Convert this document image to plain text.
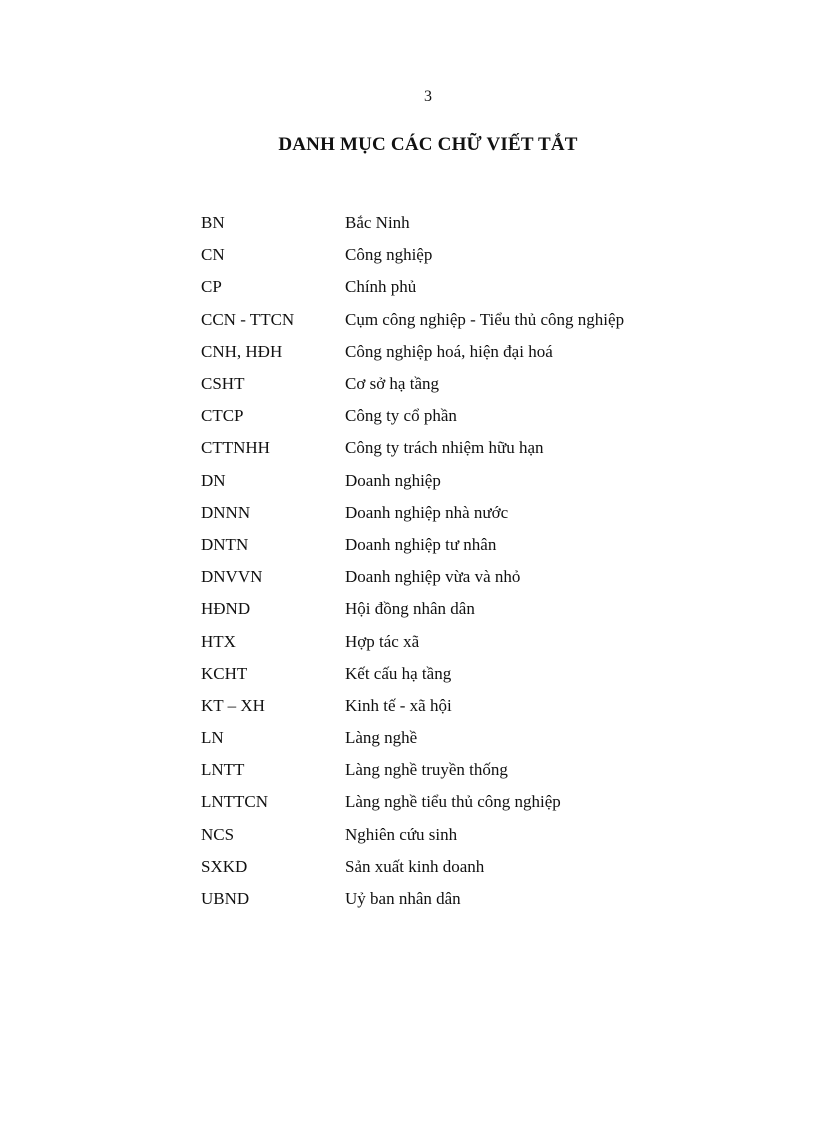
3
DANH MỤC CÁC CHỮ VIẾT TẮT
BN	Bắc Ninh
CN	Công nghiệp
CP	Chính phủ
CCN - TTCN	Cụm công nghiệp - Tiểu thủ công nghiệp
CNH, HĐH	Công nghiệp hoá, hiện đại hoá
CSHT	Cơ sở hạ tầng
CTCP	Công ty cổ phần
CTTNHH	Công ty trách nhiệm hữu hạn
DN	Doanh nghiệp
DNNN	Doanh nghiệp nhà nước
DNTN	Doanh nghiệp tư nhân
DNVVN	Doanh nghiệp vừa và nhỏ
HĐND	Hội đồng nhân dân
HTX	Hợp tác xã
KCHT	Kết cấu hạ tầng
KT – XH	Kinh tế - xã hội
LN	Làng nghề
LNTT	Làng nghề truyền thống
LNTTCN	Làng nghề tiểu thủ công nghiệp
NCS	Nghiên cứu sinh
SXKD	Sản xuất kinh doanh
UBND	Uỷ ban nhân dân
